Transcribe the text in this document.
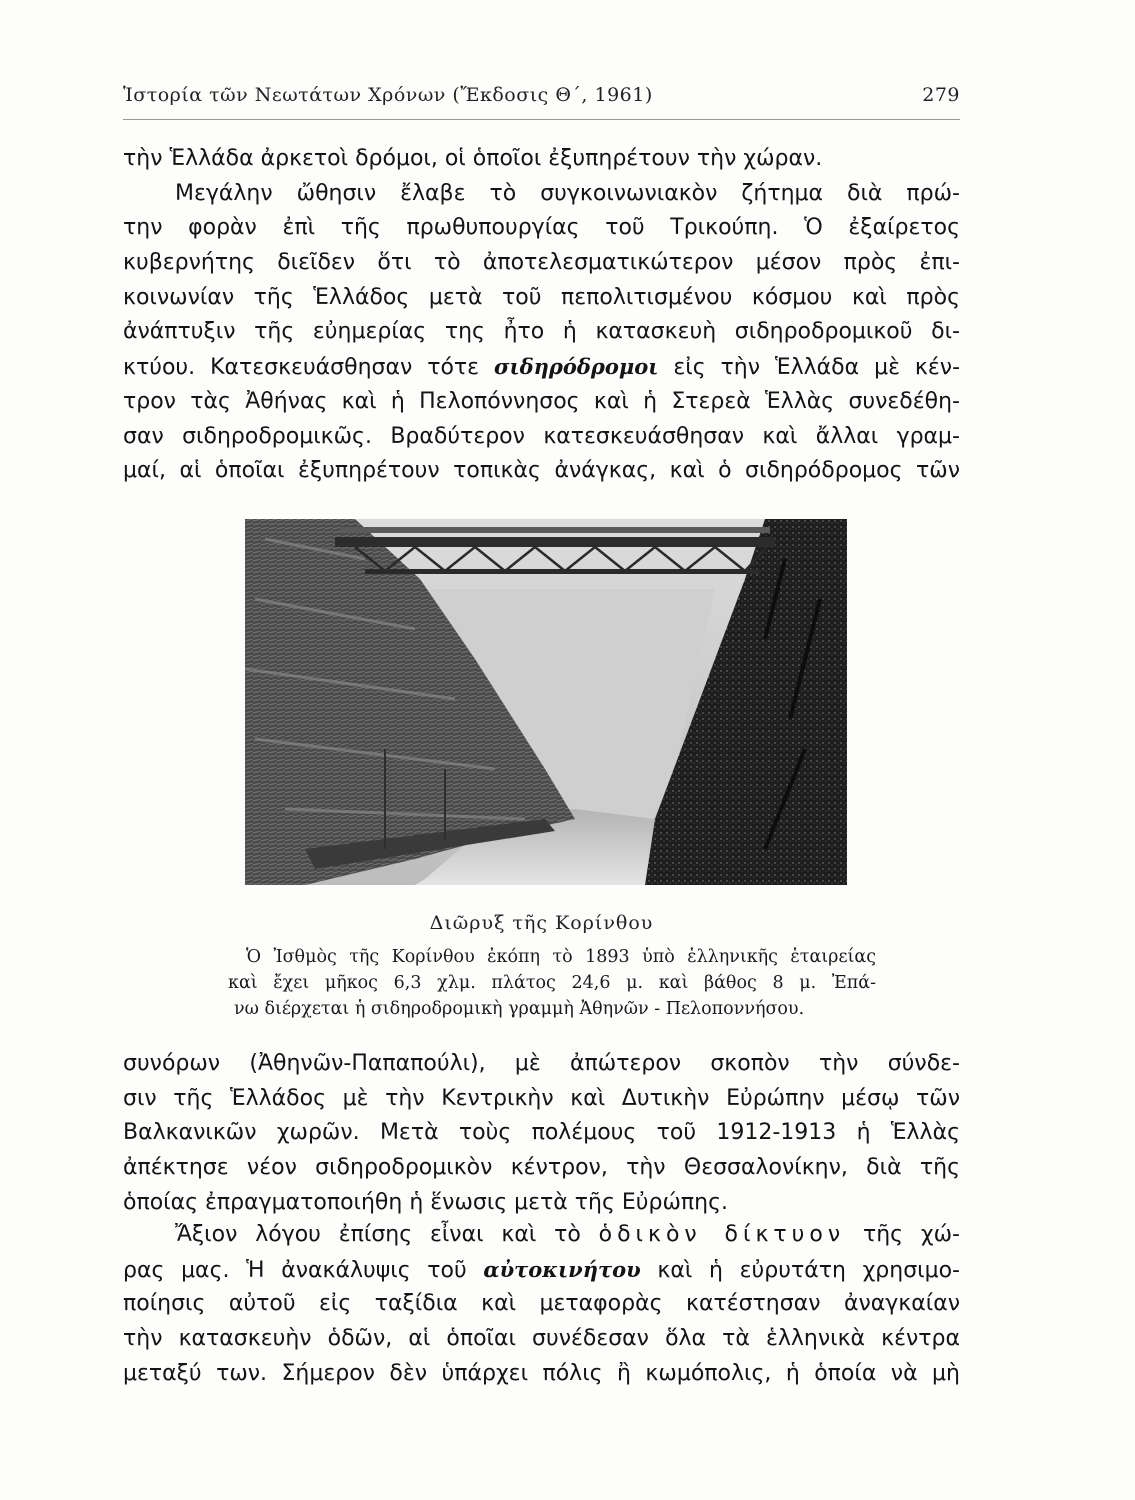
Ἱστορία τῶν Νεωτάτων Χρόνων (Ἔκδοσις Θ΄, 1961)	279
τὴν Ἑλλάδα ἀρκετοὶ δρόμοι, οἱ ὁποῖοι ἐξυπηρέτουν τὴν χώραν.
Μεγάλην ὤθησιν ἔλαβε τὸ συγκοινωνιακὸν ζήτημα διὰ πρώ-
την φορὰν ἐπὶ τῆς πρωθυπουργίας τοῦ Τρικούπη. Ὁ ἐξαίρετος
κυβερνήτης διεῖδεν ὅτι τὸ ἀποτελεσματικώτερον μέσον πρὸς ἐπι-
κοινωνίαν τῆς Ἑλλάδος μετὰ τοῦ πεπολιτισμένου κόσμου καὶ πρὸς
ἀνάπτυξιν τῆς εὐημερίας της ἦτο ἡ κατασκευὴ σιδηροδρομικοῦ δι-
κτύου. Κατεσκευάσθησαν τότε σιδηρόδρομοι εἰς τὴν Ἑλλάδα μὲ κέν-
τρον τὰς Ἀθήνας καὶ ἡ Πελοπόννησος καὶ ἡ Στερεὰ Ἑλλὰς συνεδέθη-
σαν σιδηροδρομικῶς. Βραδύτερον κατεσκευάσθησαν καὶ ἄλλαι γραμ-
μαί, αἱ ὁποῖαι ἐξυπηρέτουν τοπικὰς ἀνάγκας, καὶ ὁ σιδηρόδρομος τῶν
Διῶρυξ τῆς Κορίνθου
Ὁ Ἰσθμὸς τῆς Κορίνθου ἐκόπη τὸ 1893 ὑπὸ ἑλληνικῆς ἑταιρείας
καὶ ἔχει μῆκος 6,3 χλμ. πλάτος 24,6 μ. καὶ βάθος 8 μ. Ἐπά-
νω διέρχεται ἡ σιδηροδρομικὴ γραμμὴ Ἀθηνῶν - Πελοποννήσου.
συνόρων (Ἀθηνῶν-Παπαπούλι), μὲ ἀπώτερον σκοπὸν τὴν σύνδε-
σιν τῆς Ἑλλάδος μὲ τὴν Κεντρικὴν καὶ Δυτικὴν Εὐρώπην μέσῳ τῶν
Βαλκανικῶν χωρῶν. Μετὰ τοὺς πολέμους τοῦ 1912-1913 ἡ Ἑλλὰς
ἀπέκτησε νέον σιδηροδρομικὸν κέντρον, τὴν Θεσσαλονίκην, διὰ τῆς
ὁποίας ἐπραγματοποιήθη ἡ ἕνωσις μετὰ τῆς Εὐρώπης.
Ἄξιον λόγου ἐπίσης εἶναι καὶ τὸ ὁδικὸν δίκτυον τῆς χώ-
ρας μας. Ἡ ἀνακάλυψις τοῦ αὐτοκινήτου καὶ ἡ εὐρυτάτη χρησιμο-
ποίησις αὐτοῦ εἰς ταξίδια καὶ μεταφορὰς κατέστησαν ἀναγκαίαν
τὴν κατασκευὴν ὁδῶν, αἱ ὁποῖαι συνέδεσαν ὅλα τὰ ἑλληνικὰ κέντρα
μεταξύ των. Σήμερον δὲν ὑπάρχει πόλις ἢ κωμόπολις, ἡ ὁποία νὰ μὴ
